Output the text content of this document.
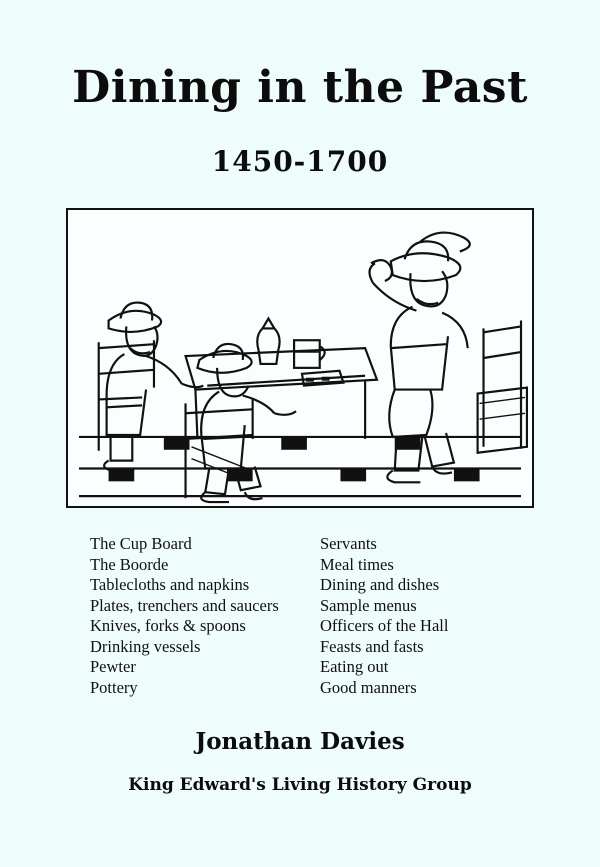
Dining in the Past
1450-1700
The Cup Board
The Boorde
Tablecloths and napkins
Plates, trenchers and saucers
Knives, forks & spoons
Drinking vessels
Pewter
Pottery
Servants
Meal times
Dining and dishes
Sample menus
Officers of the Hall
Feasts and fasts
Eating out
Good manners

Jonathan Davies

King Edward's Living History Group
